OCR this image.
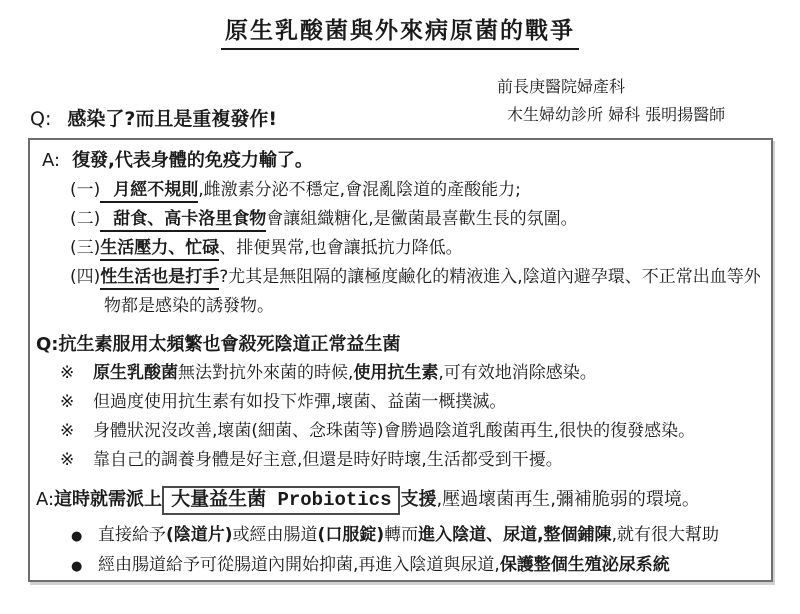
原生乳酸菌與外來病原菌的戰爭
前長庚醫院婦產科
木生婦幼診所 婦科 張明揚醫師
Q: 感染了?而且是重複發作!
A: 復發,代表身體的免疫力輸了。
(一) 月經不規則,雌激素分泌不穩定,會混亂陰道的產酸能力;
(二) 甜食、高卡洛里食物會讓組織糖化,是黴菌最喜歡生長的氛圍。
(三)生活壓力、忙碌、排便異常,也會讓抵抗力降低。
(四)性生活也是打手?尤其是無阻隔的讓極度鹼化的精液進入,陰道內避孕環、不正常出血等外物都是感染的誘發物。
Q:抗生素服用太頻繁也會殺死陰道正常益生菌
※	原生乳酸菌無法對抗外來菌的時候,使用抗生素,可有效地消除感染。
※	但過度使用抗生素有如投下炸彈,壞菌、益菌一概撲滅。
※	身體狀況沒改善,壞菌(細菌、念珠菌等)會勝過陰道乳酸菌再生,很快的復發感染。
※	靠自己的調養身體是好主意,但還是時好時壞,生活都受到干擾。
A:這時就需派上 大量益生菌 Probiotics 支援,壓過壞菌再生,彌補脆弱的環境。
● 直接給予(陰道片)或經由腸道(口服錠)轉而進入陰道、尿道,整個鋪陳,就有很大幫助
● 經由腸道給予可從腸道內開始抑菌,再進入陰道與尿道,保護整個生殖泌尿系統
